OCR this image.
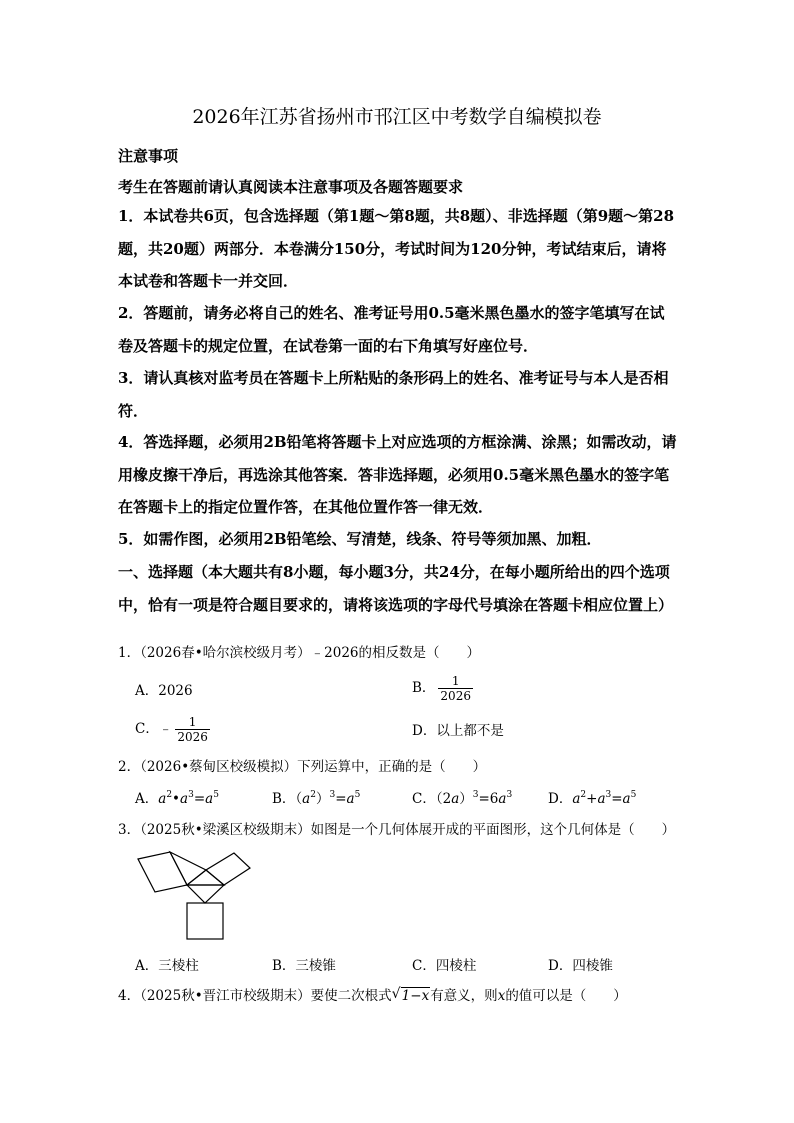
2026年江苏省扬州市邗江区中考数学自编模拟卷
注意事项
考生在答题前请认真阅读本注意事项及各题答题要求
1．本试卷共6页，包含选择题（第1题～第8题，共8题）、非选择题（第9题～第28题，共20题）两部分．本卷满分150分，考试时间为120分钟，考试结束后，请将本试卷和答题卡一并交回．
2．答题前，请务必将自己的姓名、准考证号用0.5毫米黑色墨水的签字笔填写在试卷及答题卡的规定位置，在试卷第一面的右下角填写好座位号．
3．请认真核对监考员在答题卡上所粘贴的条形码上的姓名、准考证号与本人是否相符．
4．答选择题，必须用2B铅笔将答题卡上对应选项的方框涂满、涂黑；如需改动，请用橡皮擦干净后，再选涂其他答案．答非选择题，必须用0.5毫米黑色墨水的签字笔在答题卡上的指定位置作答，在其他位置作答一律无效．
5．如需作图，必须用2B铅笔绘、写清楚，线条、符号等须加黑、加粗．
一、选择题（本大题共有8小题，每小题3分，共24分，在每小题所给出的四个选项中，恰有一项是符合题目要求的，请将该选项的字母代号填涂在答题卡相应位置上）
1．（2026春•哈尔滨校级月考）﹣2026的相反数是（　　）
A．2026	B． $\frac{1}{2026}$
C．﹣ $\frac{1}{2026}$	D．以上都不是
2．（2026•蔡甸区校级模拟）下列运算中，正确的是（　　）
A．$a^2•a^3=a^5$	B．$(a^2)^3=a^5$	C．$(2a)^3=6a^3$	D．$a^2+a^3=a^5$
3．（2025秋•梁溪区校级期末）如图是一个几何体展开成的平面图形，这个几何体是（　　）
A．三棱柱	B．三棱锥	C．四棱柱	D．四棱锥
4．（2025秋•晋江市校级期末）要使二次根式√ 1−x有意义，则x的值可以是（　　）
